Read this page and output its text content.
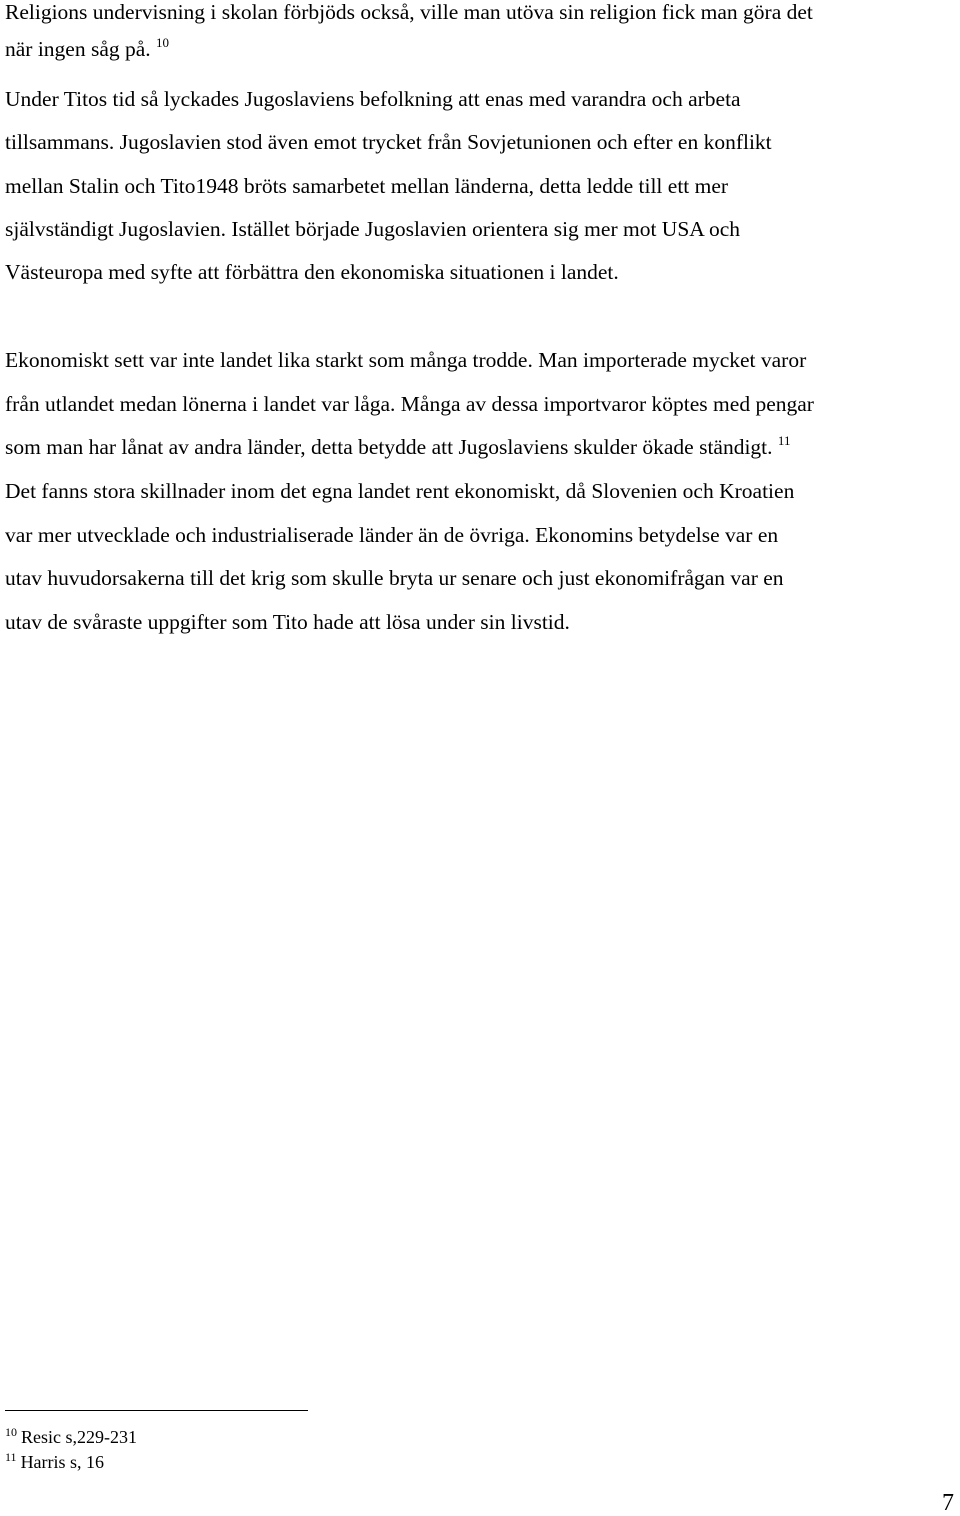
Religions undervisning i skolan förbjöds också, ville man utöva sin religion fick man göra det
när ingen såg på. $^{10}$
Under Titos tid så lyckades Jugoslaviens befolkning att enas med varandra och arbeta
tillsammans. Jugoslavien stod även emot trycket från Sovjetunionen och efter en konflikt
mellan Stalin och Tito1948 bröts samarbetet mellan länderna, detta ledde till ett mer
självständigt Jugoslavien. Istället började Jugoslavien orientera sig mer mot USA och
Västeuropa med syfte att förbättra den ekonomiska situationen i landet.
Ekonomiskt sett var inte landet lika starkt som många trodde. Man importerade mycket varor
från utlandet medan lönerna i landet var låga. Många av dessa importvaror köptes med pengar
som man har lånat av andra länder, detta betydde att Jugoslaviens skulder ökade ständigt. $^{11}$
Det fanns stora skillnader inom det egna landet rent ekonomiskt, då Slovenien och Kroatien
var mer utvecklade och industrialiserade länder än de övriga. Ekonomins betydelse var en
utav huvudorsakerna till det krig som skulle bryta ur senare och just ekonomifrågan var en
utav de svåraste uppgifter som Tito hade att lösa under sin livstid.
$^{10}$ Resic s,229-231
$^{11}$ Harris s, 16
7
